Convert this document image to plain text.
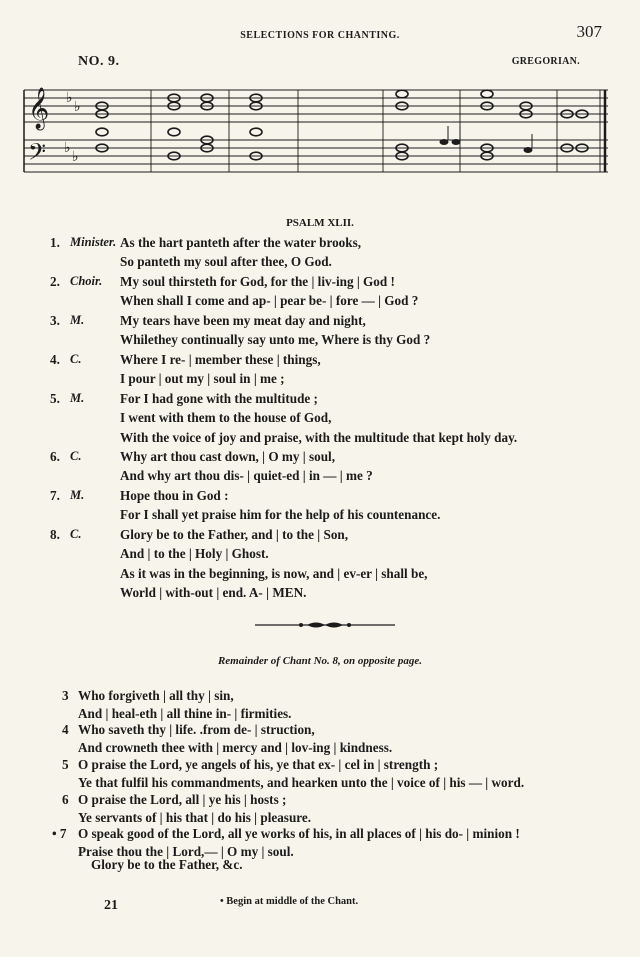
SELECTIONS FOR CHANTING.	307
NO. 9.	GREGORIAN.
𝄞
𝄢
♭
♭
♭
♭
PSALM XLII.
1. Minister. As the hart panteth after the water brooks,
So panteth my soul after thee, O God.
2. Choir. My soul thirsteth for God, for the | liv-ing | God !
When shall I come and ap- | pear be- | fore — | God ?
3. M.	My tears have been my meat day and night,
Whilethey continually say unto me, Where is thy God ?
4. C.	Where I re- | member these | things,
I pour | out my | soul in | me ;
5. M.	For I had gone with the multitude ;
I went with them to the house of God,
With the voice of joy and praise, with the multitude that kept holy day.
6. C.	Why art thou cast down, | O my | soul,
And why art thou dis- | quiet-ed | in — | me ?
7. M.	Hope thou in God :
For I shall yet praise him for the help of his countenance.
8. C.	Glory be to the Father, and | to the | Son,
And | to the | Holy | Ghost.
As it was in the beginning, is now, and | ev-er | shall be,
World | with-out | end. A- | MEN.
Remainder of Chant No. 8, on opposite page.
3 Who forgiveth | all thy | sin,
And | heal-eth | all thine in- | firmities.
4 Who saveth thy | life. .from de- | struction,
And crowneth thee with | mercy and | lov-ing | kindness.
5 O praise the Lord, ye angels of his, ye that ex- | cel in | strength ;
Ye that fulfil his commandments, and hearken unto the | voice of | his — | word.
6 O praise the Lord, all | ye his | hosts ;
Ye servants of | his that | do his | pleasure.
• 7 O speak good of the Lord, all ye works of his, in all places of | his do- | minion !
Praise thou the | Lord,— | O my | soul.
Glory be to the Father, &c.
21	• Begin at middle of the Chant.
